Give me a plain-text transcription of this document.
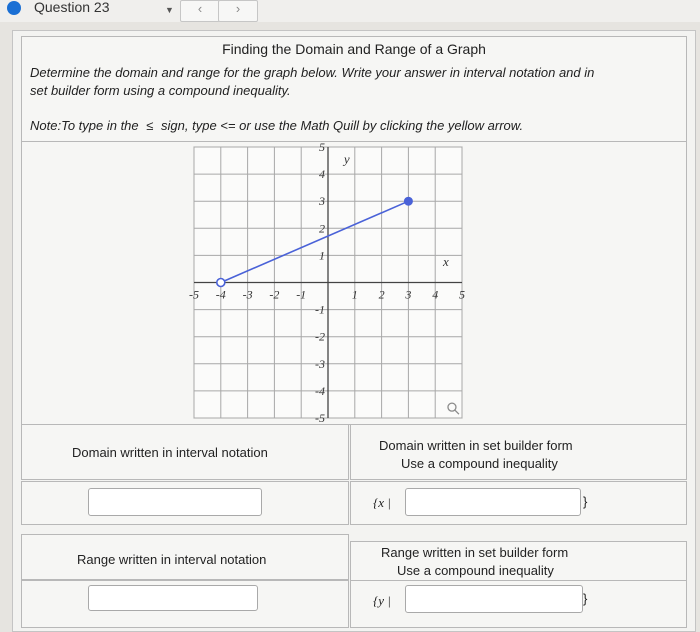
Question 23	▼	‹	›
Finding the Domain and Range of a Graph
Determine the domain and range for the graph below. Write your answer in interval notation and in
set builder form using a compound inequality.
Note:To type in the ≤ sign, type <= or use the Math Quill by clicking the yellow arrow.
-5 -4 -3 -2 -1	1 2 3 4 5
5
4
3
2
1
-1
-2
-3
-4
-5
x
y
Domain written in interval notation	Domain written in set builder form
Use a compound inequality
{x |	}
Range written in interval notation	Range written in set builder form
Use a compound inequality
{y |	}
